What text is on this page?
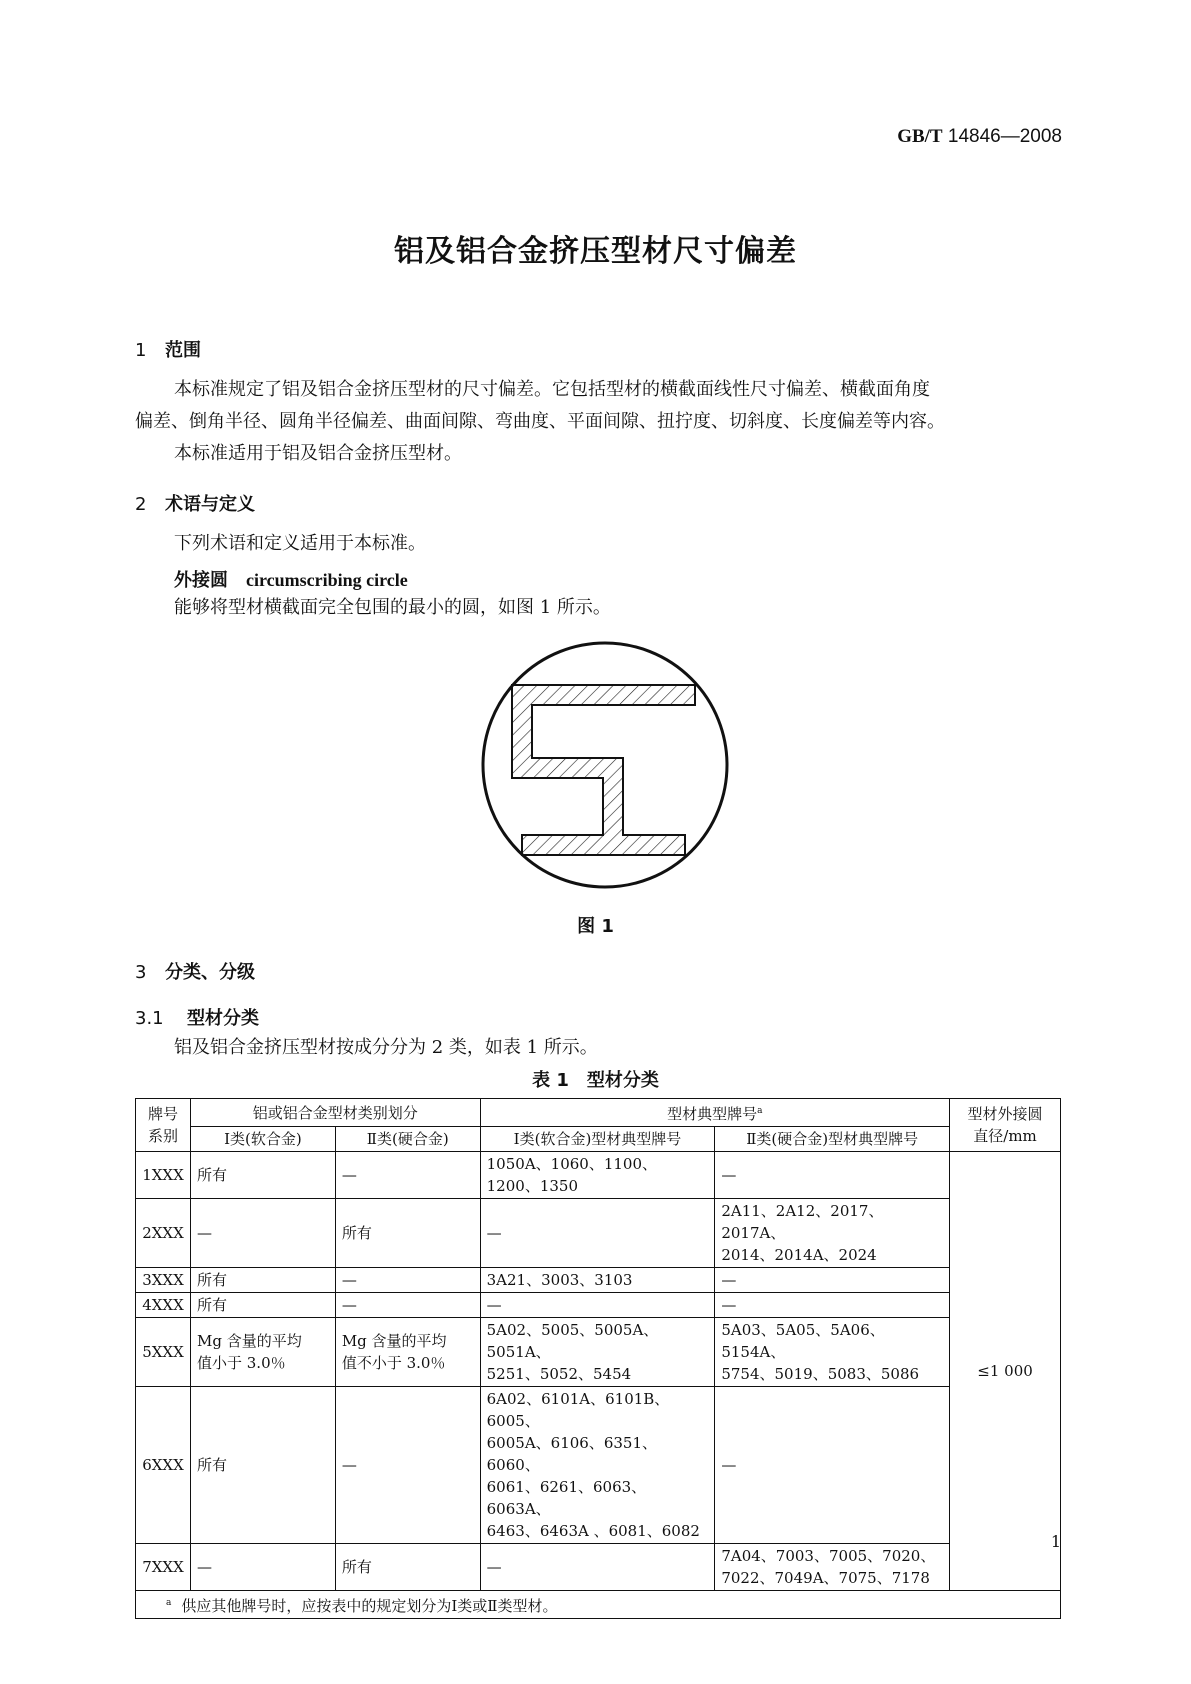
GB/T 14846—2008
铝及铝合金挤压型材尺寸偏差
1 范围
本标准规定了铝及铝合金挤压型材的尺寸偏差。它包括型材的横截面线性尺寸偏差、横截面角度
偏差、倒角半径、圆角半径偏差、曲面间隙、弯曲度、平面间隙、扭拧度、切斜度、长度偏差等内容。
本标准适用于铝及铝合金挤压型材。
2 术语与定义
下列术语和定义适用于本标准。
外接圆 circumscribing circle
能够将型材横截面完全包围的最小的圆，如图 1 所示。
图 1
3 分类、分级
3.1 型材分类
铝及铝合金挤压型材按成分分为 2 类，如表 1 所示。
表 1　型材分类
牌号
系别	铝或铝合金型材类别划分		型材典型牌号$^a$		型材外接圆
直径/mm
	Ⅰ类(软合金)	Ⅱ类(硬合金)	Ⅰ类(软合金)型材典型牌号	Ⅱ类(硬合金)型材典型牌号	
1XXX	所有	—	1050A、1060、1100、1200、1350	—	≤1 000
2XXX	—	所有	—	2A11、2A12、2017、2017A、
2014、2014A、2024	
3XXX	所有	—	3A21、3003、3103	—	
4XXX	所有	—	—	—	
5XXX	Mg 含量的平均
值小于 3.0％	Mg 含量的平均
值不小于 3.0％	5A02、5005、5005A、5051A、
5251、5052、5454	5A03、5A05、5A06、5154A、
5754、5019、5083、5086	
6XXX	所有	—	6A02、6101A、6101B、6005、
6005A、6106、6351、6060、
6061、6261、6063、6063A、
6463、6463A 、6081、6082	—	
7XXX	—	所有	—	7A04、7003、7005、7020、
7022、7049A、7075、7178	
$^a$ 供应其他牌号时，应按表中的规定划分为Ⅰ类或Ⅱ类型材。					
1
